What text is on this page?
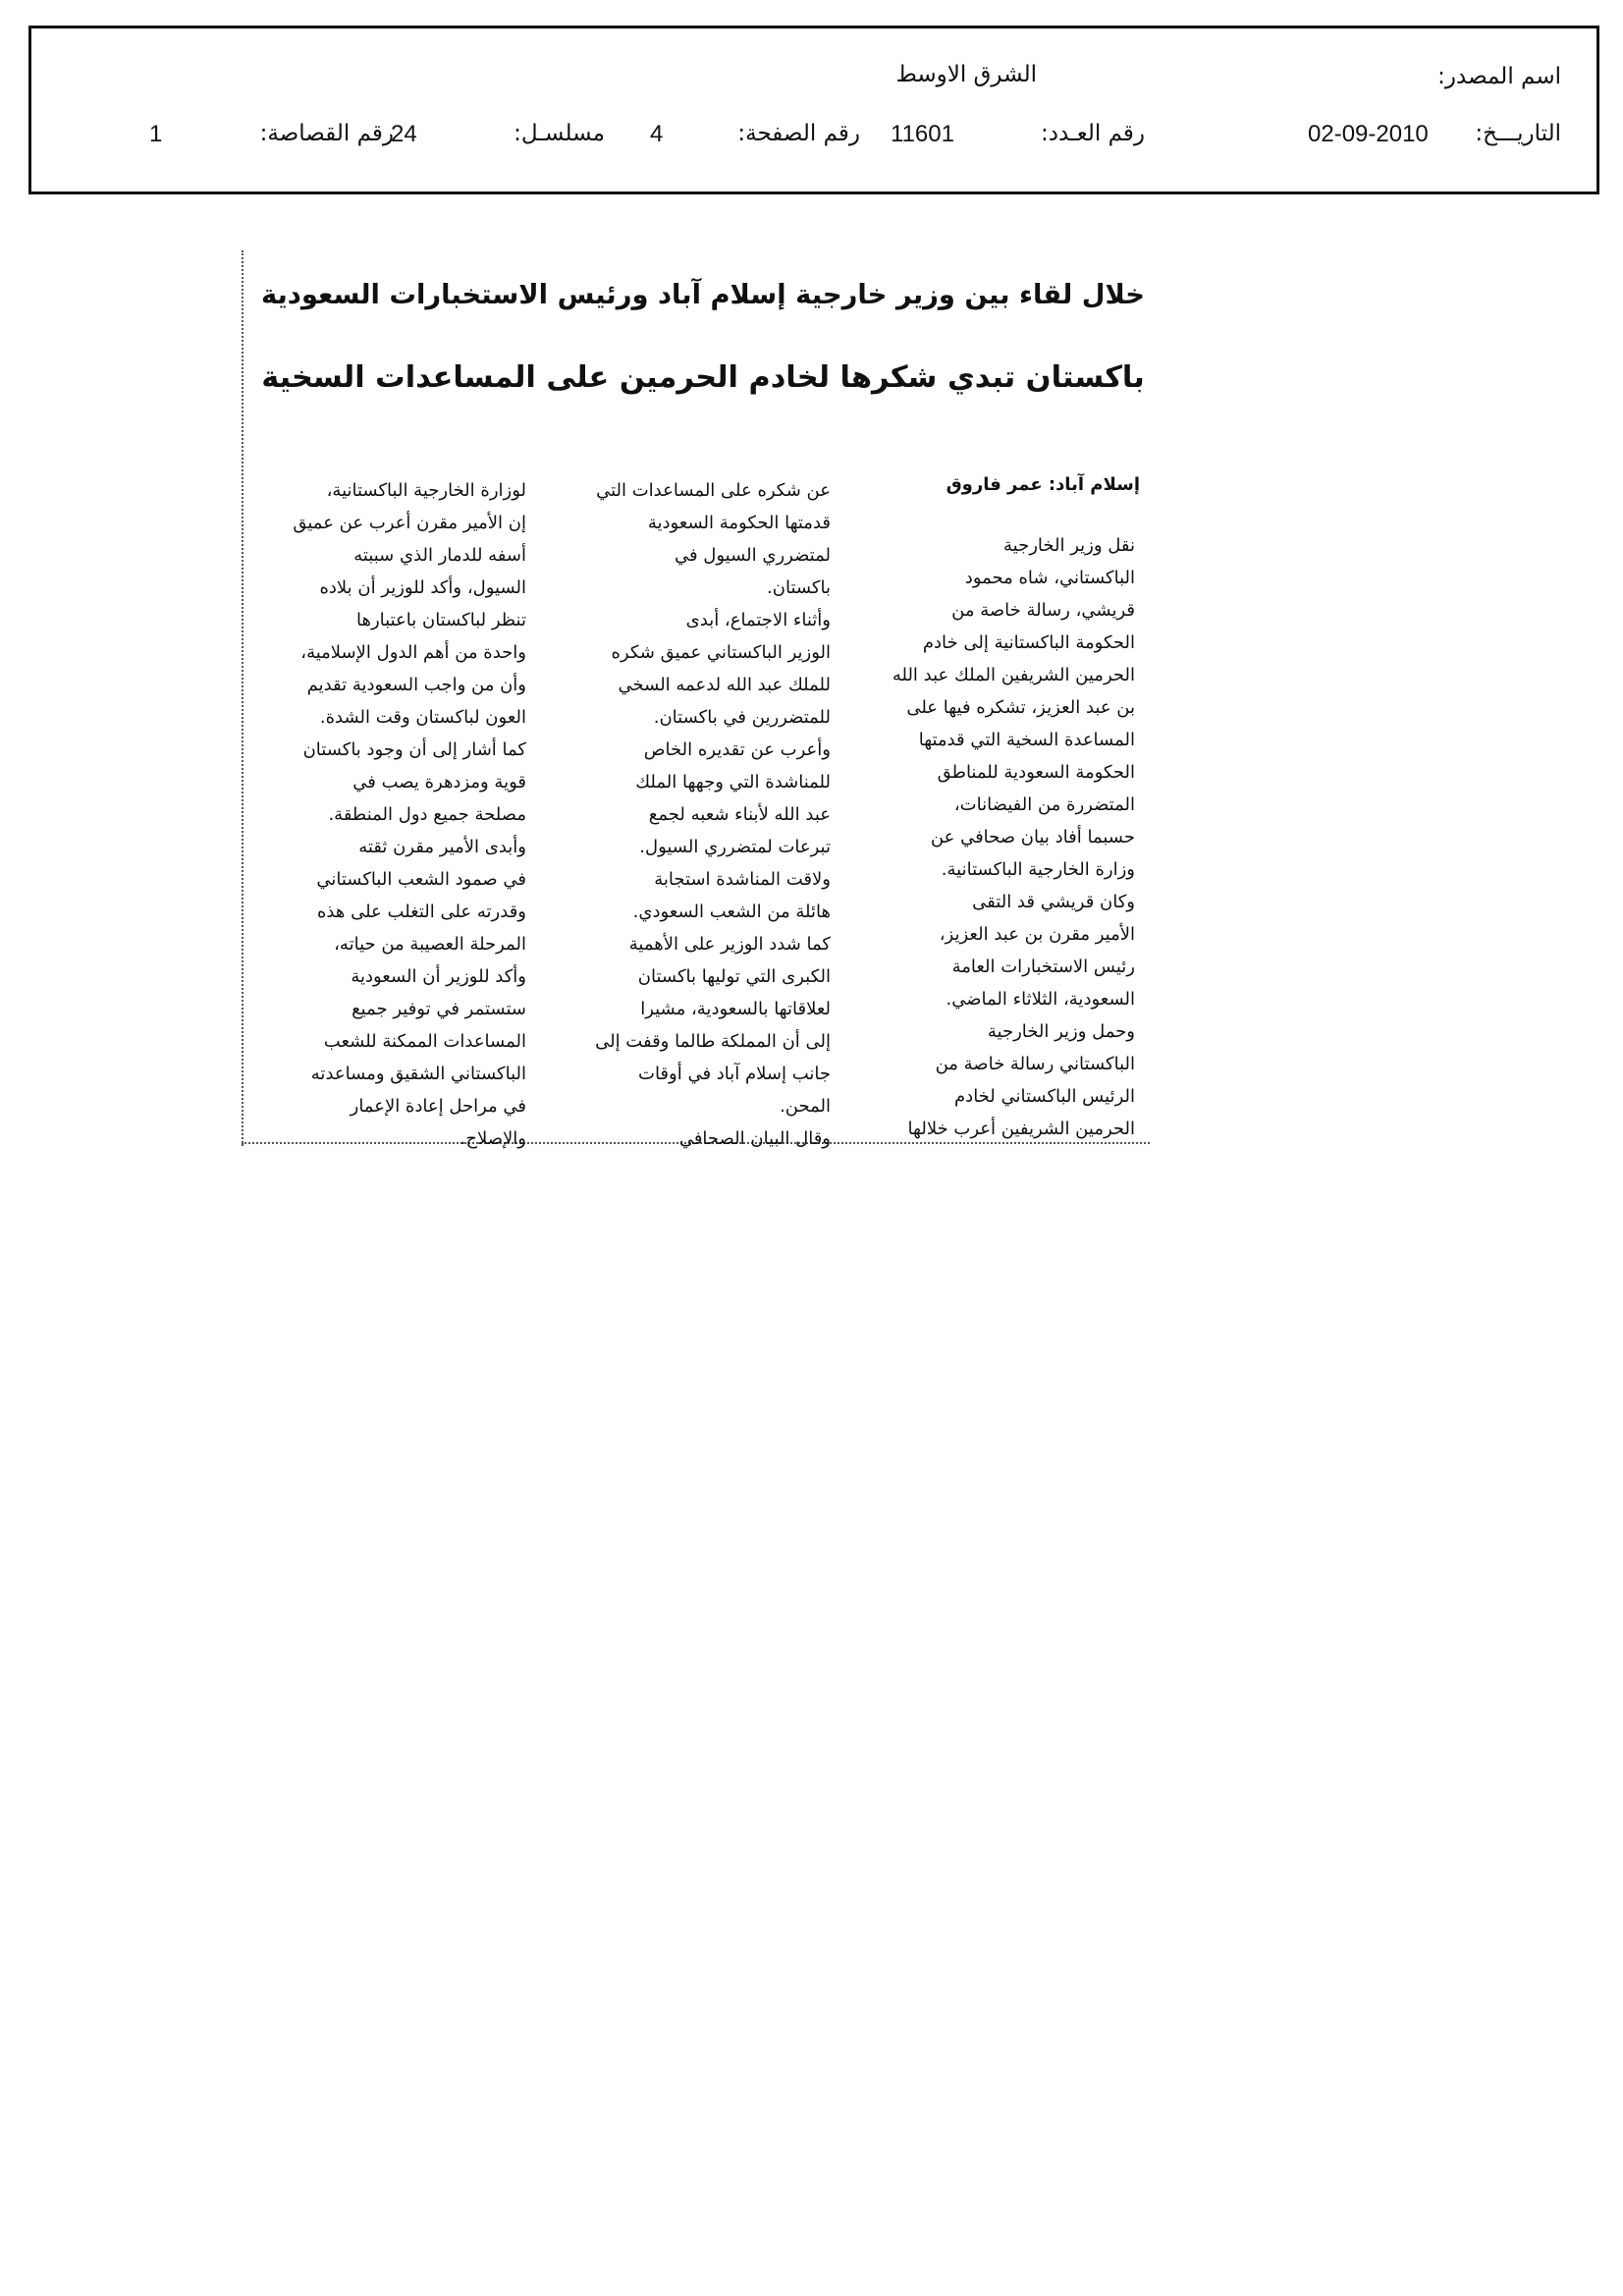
اسم المصدر:
الشرق الاوسط
التاريـــخ:
02-09-2010
رقم العـدد:
11601
رقم الصفحة:
4
مسلسـل:
24
رقم القصاصة:
1
خلال لقاء بين وزير خارجية إسلام آباد ورئيس الاستخبارات السعودية
باكستان تبدي شكرها لخادم الحرمين على المساعدات السخية
إسلام آباد: عمر فاروق
نقل وزير الخارجية
الباكستاني، شاه محمود
قريشي، رسالة خاصة من
الحكومة الباكستانية إلى خادم
الحرمين الشريفين الملك عبد الله
بن عبد العزيز، تشكره فيها على
المساعدة السخية التي قدمتها
الحكومة السعودية للمناطق
المتضررة من الفيضانات،
حسبما أفاد بيان صحافي عن
وزارة الخارجية الباكستانية.
وكان قريشي قد التقى
الأمير مقرن بن عبد العزيز،
رئيس الاستخبارات العامة
السعودية، الثلاثاء الماضي.
وحمل وزير الخارجية
الباكستاني رسالة خاصة من
الرئيس الباكستاني لخادم
الحرمين الشريفين أعرب خلالها
عن شكره على المساعدات التي
قدمتها الحكومة السعودية
لمتضرري السيول في
باكستان.
وأثناء الاجتماع، أبدى
الوزير الباكستاني عميق شكره
للملك عبد الله لدعمه السخي
للمتضررين في باكستان.
وأعرب عن تقديره الخاص
للمناشدة التي وجهها الملك
عبد الله لأبناء شعبه لجمع
تبرعات لمتضرري السيول.
ولاقت المناشدة استجابة
هائلة من الشعب السعودي.
كما شدد الوزير على الأهمية
الكبرى التي توليها باكستان
لعلاقاتها بالسعودية، مشيرا
إلى أن المملكة طالما وقفت إلى
جانب إسلام آباد في أوقات
المحن.
وقال البيان الصحافي
لوزارة الخارجية الباكستانية،
إن الأمير مقرن أعرب عن عميق
أسفه للدمار الذي سببته
السيول، وأكد للوزير أن بلاده
تنظر لباكستان باعتبارها
واحدة من أهم الدول الإسلامية،
وأن من واجب السعودية تقديم
العون لباكستان وقت الشدة.
كما أشار إلى أن وجود باكستان
قوية ومزدهرة يصب في
مصلحة جميع دول المنطقة.
وأبدى الأمير مقرن ثقته
في صمود الشعب الباكستاني
وقدرته على التغلب على هذه
المرحلة العصيبة من حياته،
وأكد للوزير أن السعودية
ستستمر في توفير جميع
المساعدات الممكنة للشعب
الباكستاني الشقيق ومساعدته
في مراحل إعادة الإعمار
والإصلاح.
